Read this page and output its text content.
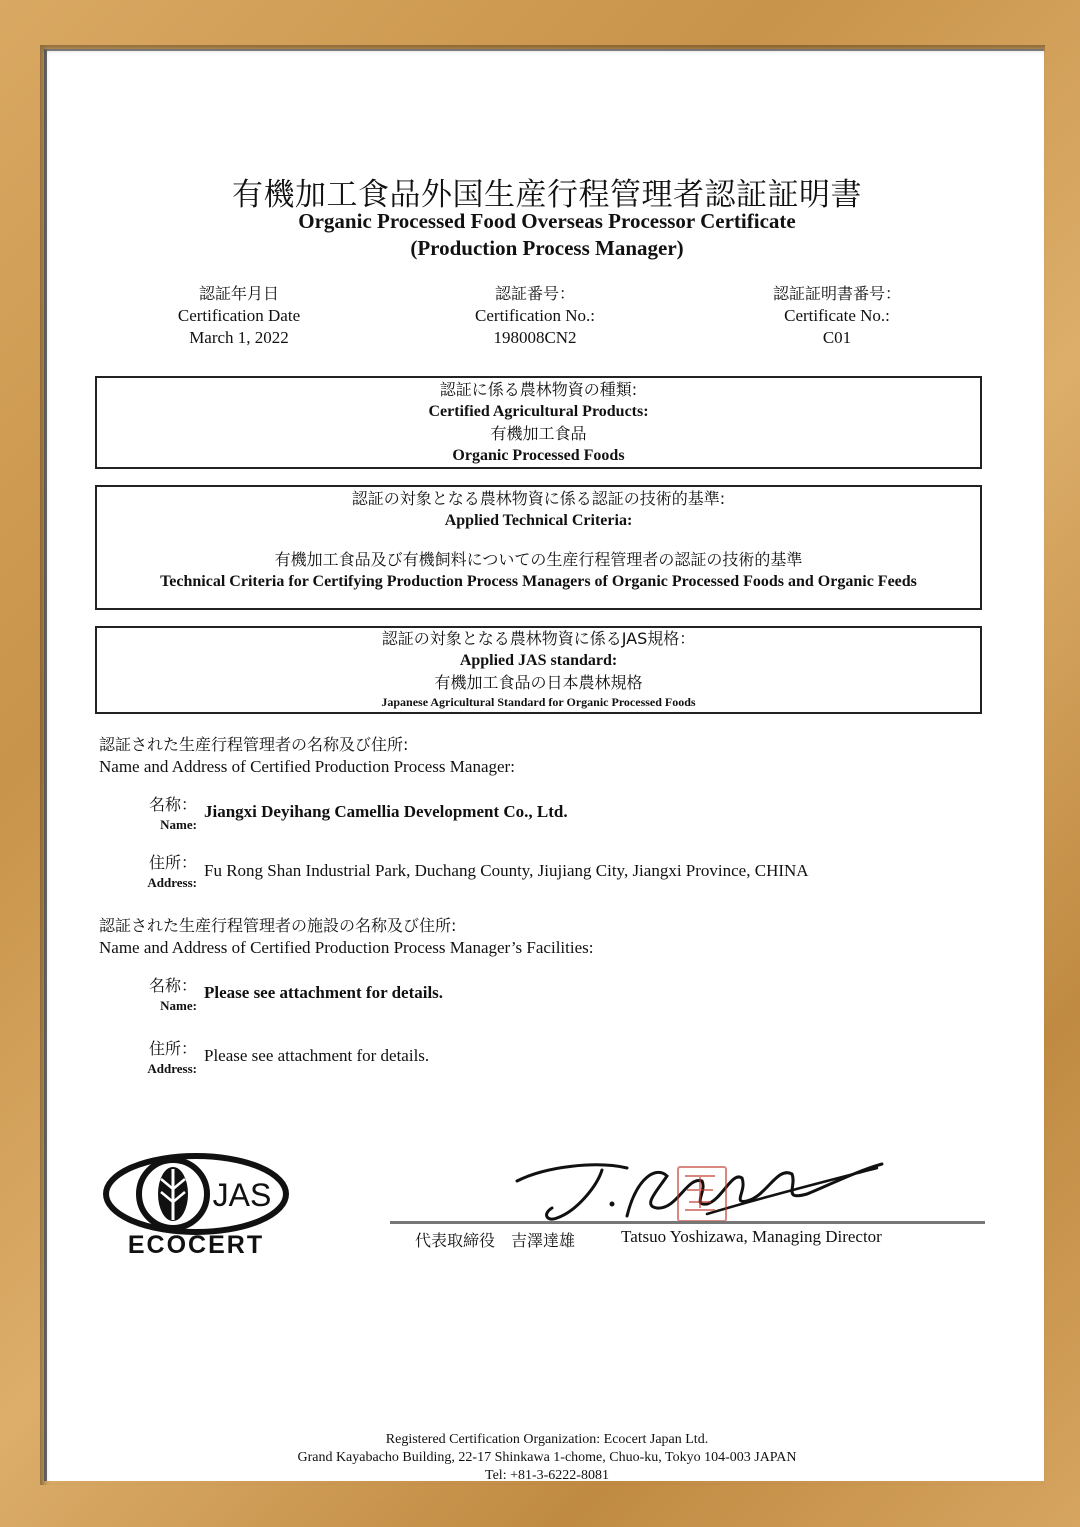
有機加工食品外国生産行程管理者認証証明書
Organic Processed Food Overseas Processor Certificate
(Production Process Manager)
認証年月日
Certification Date
March 1, 2022
認証番号：
Certification No.:
198008CN2
認証証明書番号：
Certificate No.:
C01
認証に係る農林物資の種類:
Certified Agricultural Products:
有機加工食品
Organic Processed Foods
認証の対象となる農林物資に係る認証の技術的基準:
Applied Technical Criteria:
有機加工食品及び有機飼料についての生産行程管理者の認証の技術的基準
Technical Criteria for Certifying Production Process Managers of Organic Processed Foods and Organic Feeds
認証の対象となる農林物資に係るJAS規格：
Applied JAS standard:
有機加工食品の日本農林規格
Japanese Agricultural Standard for Organic Processed Foods
認証された生産行程管理者の名称及び住所:
Name and Address of Certified Production Process Manager:
名称：
Name:
Jiangxi Deyihang Camellia Development Co., Ltd.
住所：
Address:
Fu Rong Shan Industrial Park, Duchang County, Jiujiang City, Jiangxi Province, CHINA
認証された生産行程管理者の施設の名称及び住所:
Name and Address of Certified Production Process Manager’s Facilities:
名称：
Name:
Please see attachment for details.
住所：
Address:
Please see attachment for details.
JAS
ECOCERT	代表取締役　吉澤達雄	Tatsuo Yoshizawa, Managing Director
Registered Certification Organization: Ecocert Japan Ltd.
Grand Kayabacho Building, 22-17 Shinkawa 1-chome, Chuo-ku, Tokyo 104-003 JAPAN
Tel: +81-3-6222-8081
